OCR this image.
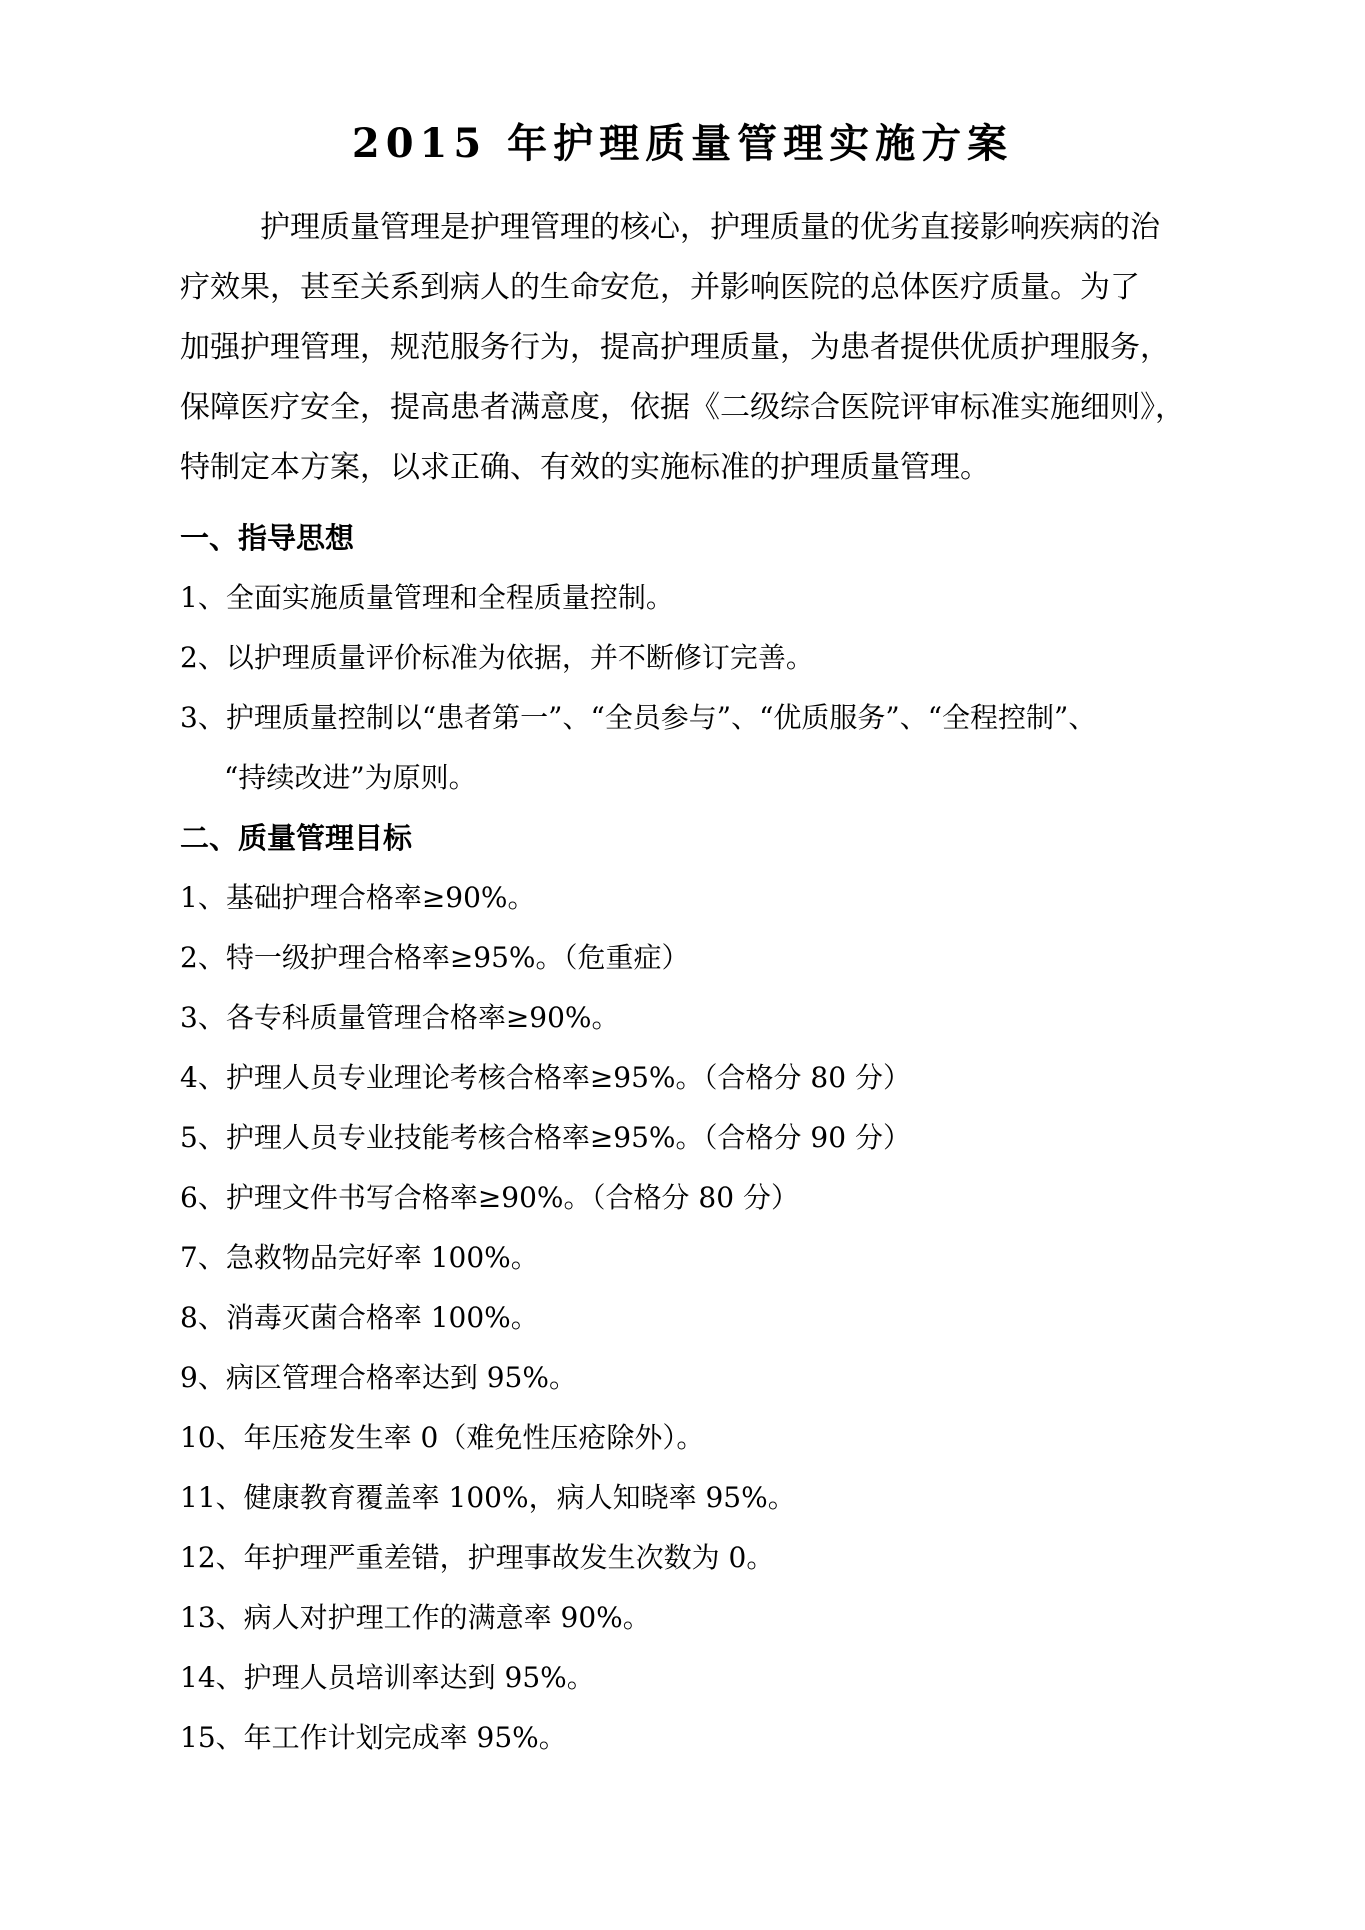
2015 年护理质量管理实施方案
护理质量管理是护理管理的核心，护理质量的优劣直接影响疾病的治
疗效果，甚至关系到病人的生命安危，并影响医院的总体医疗质量。为了
加强护理管理，规范服务行为，提高护理质量，为患者提供优质护理服务，
保障医疗安全，提高患者满意度，依据《二级综合医院评审标准实施细则》，
特制定本方案，以求正确、有效的实施标准的护理质量管理。
一、指导思想
1、全面实施质量管理和全程质量控制。
2、以护理质量评价标准为依据，并不断修订完善。
3、护理质量控制以“患者第一”、“全员参与”、“优质服务”、“全程控制”、
“持续改进”为原则。
二、质量管理目标
1、基础护理合格率≥90%。
2、特一级护理合格率≥95%。（危重症）
3、各专科质量管理合格率≥90%。
4、护理人员专业理论考核合格率≥95%。（合格分 80 分）
5、护理人员专业技能考核合格率≥95%。（合格分 90 分）
6、护理文件书写合格率≥90%。（合格分 80 分）
7、急救物品完好率 100%。
8、消毒灭菌合格率 100%。
9、病区管理合格率达到 95%。
10、年压疮发生率 0（难免性压疮除外）。
11、健康教育覆盖率 100%，病人知晓率 95%。
12、年护理严重差错，护理事故发生次数为 0。
13、病人对护理工作的满意率 90%。
14、护理人员培训率达到 95%。
15、年工作计划完成率 95%。
